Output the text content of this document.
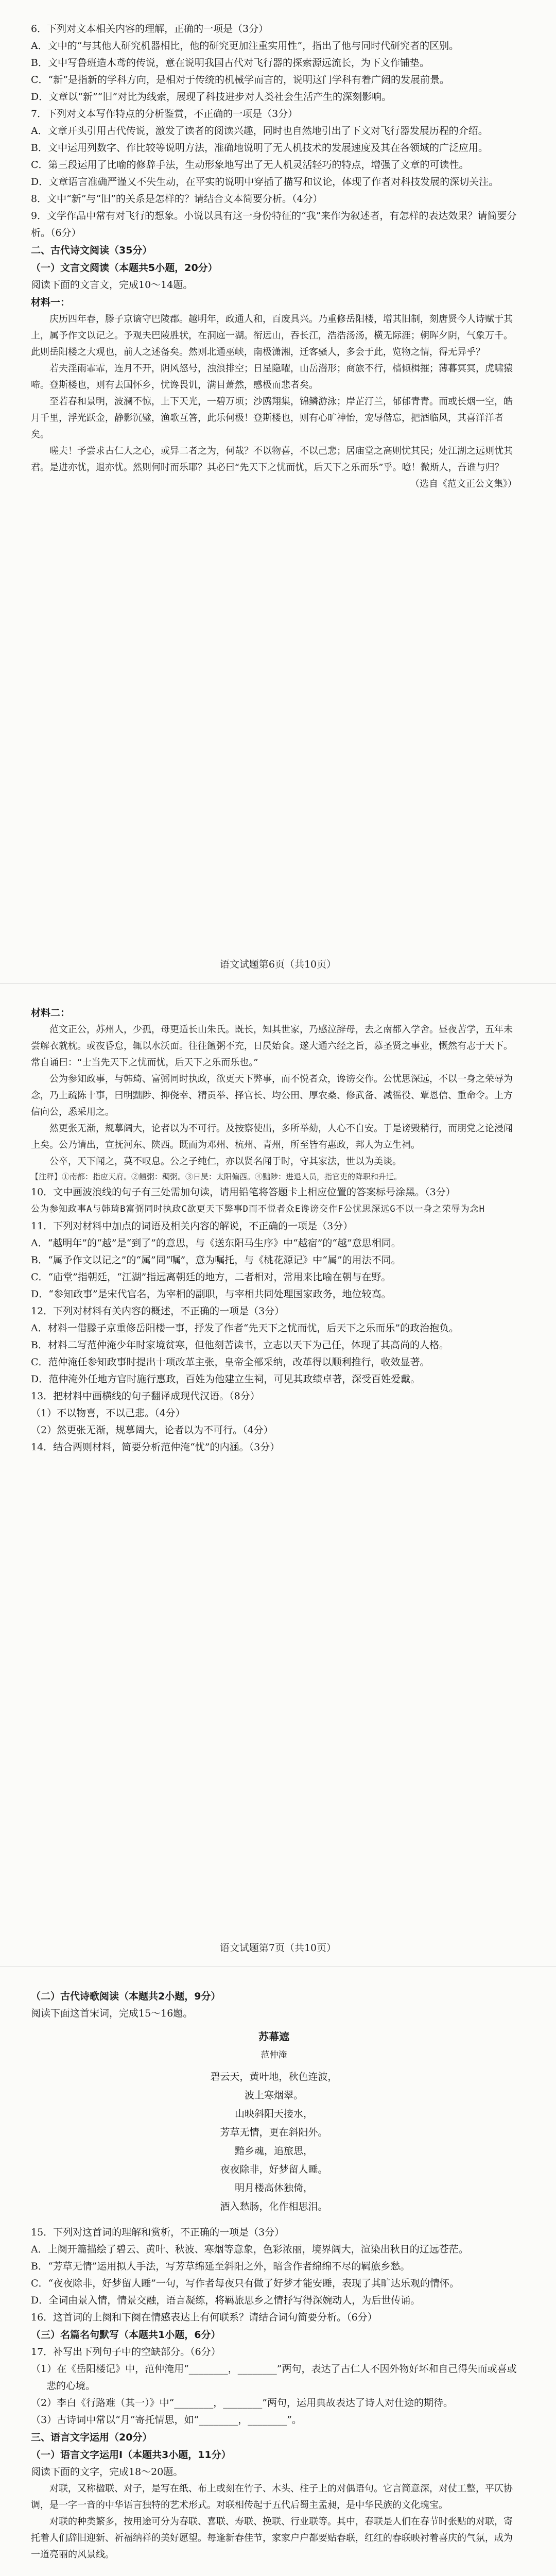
6．下列对文本相关内容的理解，正确的一项是（3分）

A．文中的“与其他人研究机器相比，他的研究更加注重实用性”，指出了他与同时代研究者的区别。

B．文中写鲁班造木鸢的传说，意在说明我国古代对飞行器的探索源远流长，为下文作铺垫。

C．“新”是指新的学科方向，是相对于传统的机械学而言的，说明这门学科有着广阔的发展前景。

D．文章以“新”“旧”对比为线索，展现了科技进步对人类社会生活产生的深刻影响。

7．下列对文本写作特点的分析鉴赏，不正确的一项是（3分）

A．文章开头引用古代传说，激发了读者的阅读兴趣，同时也自然地引出了下文对飞行器发展历程的介绍。

B．文中运用列数字、作比较等说明方法，准确地说明了无人机技术的发展速度及其在各领域的广泛应用。

C．第三段运用了比喻的修辞手法，生动形象地写出了无人机灵活轻巧的特点，增强了文章的可读性。

D．文章语言准确严谨又不失生动，在平实的说明中穿插了描写和议论，体现了作者对科技发展的深切关注。

8．文中“新”与“旧”的关系是怎样的？请结合文本简要分析。（4分）

9．文学作品中常有对飞行的想象。小说以具有这一身份特征的“我”来作为叙述者，有怎样的表达效果？请简要分析。（6分）

二、古代诗文阅读（35分）

（一）文言文阅读（本题共5小题，20分）

阅读下面的文言文，完成10～14题。

材料一：

庆历四年春，滕子京谪守巴陵郡。越明年，政通人和，百废具兴。乃重修岳阳楼，增其旧制，刻唐贤今人诗赋于其上，属予作文以记之。予观夫巴陵胜状，在洞庭一湖。衔远山，吞长江，浩浩汤汤，横无际涯；朝晖夕阴，气象万千。此则岳阳楼之大观也，前人之述备矣。然则北通巫峡，南极潇湘，迁客骚人，多会于此，览物之情，得无异乎？

若夫淫雨霏霏，连月不开，阴风怒号，浊浪排空；日星隐曜，山岳潜形；商旅不行，樯倾楫摧；薄暮冥冥，虎啸猿啼。登斯楼也，则有去国怀乡，忧谗畏讥，满目萧然，感极而悲者矣。

至若春和景明，波澜不惊，上下天光，一碧万顷；沙鸥翔集，锦鳞游泳；岸芷汀兰，郁郁青青。而或长烟一空，皓月千里，浮光跃金，静影沉璧，渔歌互答，此乐何极！登斯楼也，则有心旷神怡，宠辱偕忘，把酒临风，其喜洋洋者矣。

嗟夫！予尝求古仁人之心，或异二者之为，何哉？不以物喜，不以己悲；居庙堂之高则忧其民；处江湖之远则忧其君。是进亦忧，退亦忧。然则何时而乐耶？其必曰“先天下之忧而忧，后天下之乐而乐”乎。噫！微斯人，吾谁与归？

（选自《范文正公文集》）

语文试题第6页（共10页）

材料二：

范文正公，苏州人，少孤，母更适长山朱氏。既长，知其世家，乃感泣辞母，去之南都入学舍。昼夜苦学，五年未尝解衣就枕。或夜昏怠，辄以水沃面。往往饘粥不充，日昃始食。遂大通六经之旨，慕圣贤之事业，慨然有志于天下。常自诵曰：“士当先天下之忧而忧，后天下之乐而乐也。”

公为参知政事，与韩琦、富弼同时执政，欲更天下弊事，而不悦者众，谗谤交作。公忧思深远，不以一身之荣辱为念，乃上疏陈十事，曰明黜陟、抑侥幸、精贡举、择官长、均公田、厚农桑、修武备、减徭役、覃恩信、重命令。上方信向公，悉采用之。

然更张无渐，规摹阔大，论者以为不可行。及按察使出，多所举劾，人心不自安。于是谤毁稍行，而朋党之论浸闻上矣。公乃请出，宣抚河东、陕西。既而为邓州、杭州、青州，所至皆有惠政，邦人为立生祠。

公卒，天下闻之，莫不叹息。公之子纯仁，亦以贤名闻于时，守其家法，世以为美谈。

【注释】①南都：指应天府。②饘粥：稠粥。③日昃：太阳偏西。④黜陟：进退人员，指官吏的降职和升迁。

10．文中画波浪线的句子有三处需加句读，请用铅笔将答题卡上相应位置的答案标号涂黑。（3分）

公为参知政事A与韩琦B富弼同时执政C欲更天下弊事D而不悦者众E谗谤交作F公忧思深远G不以一身之荣辱为念H

11．下列对材料中加点的词语及相关内容的解说，不正确的一项是（3分）

A．“越明年”的“越”是“到了”的意思，与《送东阳马生序》中“越宿”的“越”意思相同。

B．“属予作文以记之”的“属”同“嘱”，意为嘱托，与《桃花源记》中“属”的用法不同。

C．“庙堂”指朝廷，“江湖”指远离朝廷的地方，二者相对，常用来比喻在朝与在野。

D．“参知政事”是宋代官名，为宰相的副职，与宰相共同处理国家政务，地位较高。

12．下列对材料有关内容的概述，不正确的一项是（3分）

A．材料一借滕子京重修岳阳楼一事，抒发了作者“先天下之忧而忧，后天下之乐而乐”的政治抱负。

B．材料二写范仲淹少年时家境贫寒，但他刻苦读书，立志以天下为己任，体现了其高尚的人格。

C．范仲淹任参知政事时提出十项改革主张，皇帝全部采纳，改革得以顺利推行，收效显著。

D．范仲淹外任地方官时施行惠政，百姓为他建立生祠，可见其政绩卓著，深受百姓爱戴。

13．把材料中画横线的句子翻译成现代汉语。（8分）

（1）不以物喜，不以己悲。（4分）

（2）然更张无渐，规摹阔大，论者以为不可行。（4分）

14．结合两则材料，简要分析范仲淹“忧”的内涵。（3分）

语文试题第7页（共10页）

（二）古代诗歌阅读（本题共2小题，9分）

阅读下面这首宋词，完成15～16题。

苏幕遮

范仲淹

碧云天，黄叶地，秋色连波，

波上寒烟翠。

山映斜阳天接水，

芳草无情，更在斜阳外。

黯乡魂，追旅思，

夜夜除非，好梦留人睡。

明月楼高休独倚，

酒入愁肠，化作相思泪。

15．下列对这首词的理解和赏析，不正确的一项是（3分）

A．上阕开篇描绘了碧云、黄叶、秋波、寒烟等意象，色彩浓丽，境界阔大，渲染出秋日的辽远苍茫。

B．“芳草无情”运用拟人手法，写芳草绵延至斜阳之外，暗含作者绵绵不尽的羁旅乡愁。

C．“夜夜除非，好梦留人睡”一句，写作者每夜只有做了好梦才能安睡，表现了其旷达乐观的情怀。

D．全词由景入情，情景交融，语言凝练，将羁旅思乡之情抒写得深婉动人，为后世传诵。

16．这首词的上阕和下阕在情感表达上有何联系？请结合词句简要分析。（6分）

（三）名篇名句默写（本题共1小题，6分）

17．补写出下列句子中的空缺部分。（6分）

（1）在《岳阳楼记》中，范仲淹用“________，________”两句，表达了古仁人不因外物好坏和自己得失而或喜或悲的心境。

（2）李白《行路难（其一）》中“________，________”两句，运用典故表达了诗人对仕途的期待。

（3）古诗词中常以“月”寄托情思，如“________，________”。

三、语言文字运用（20分）

（一）语言文字运用Ⅰ（本题共3小题，11分）

阅读下面的文字，完成18～20题。

对联，又称楹联、对子，是写在纸、布上或刻在竹子、木头、柱子上的对偶语句。它言简意深，对仗工整，平仄协调，是一字一音的中华语言独特的艺术形式。对联相传起于五代后蜀主孟昶，是中华民族的文化瑰宝。

对联的种类繁多，按用途可分为春联、喜联、寿联、挽联、行业联等。其中，春联是人们在春节时张贴的对联，寄托着人们辞旧迎新、祈福纳祥的美好愿望。每逢新春佳节，家家户户都要贴春联，红红的春联映衬着喜庆的气氛，成为一道亮丽的风景线。
